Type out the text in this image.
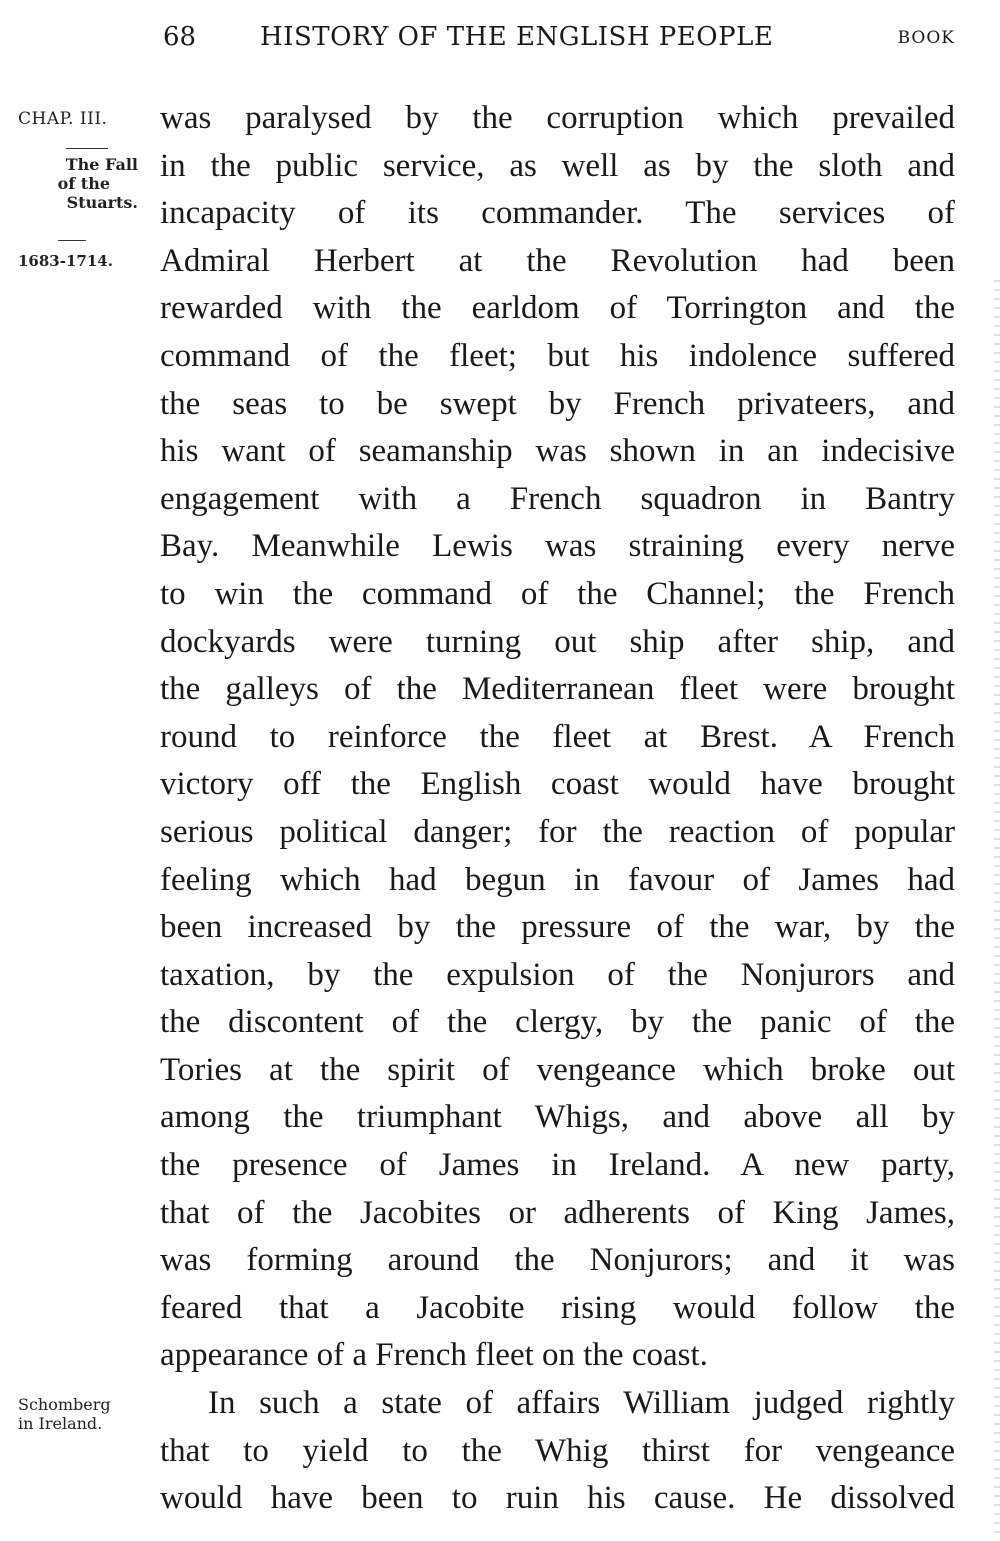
68 HISTORY OF THE ENGLISH PEOPLE	BOOK
CHAP. III.
The Fall
of the
Stuarts.
1683-1714.
Schomberg
in Ireland.
was paralysed by the corruption which prevailed
in the public service, as well as by the sloth and
incapacity of its commander. The services of
Admiral Herbert at the Revolution had been
rewarded with the earldom of Torrington and the
command of the fleet; but his indolence suffered
the seas to be swept by French privateers, and
his want of seamanship was shown in an indecisive
engagement with a French squadron in Bantry
Bay. Meanwhile Lewis was straining every nerve
to win the command of the Channel; the French
dockyards were turning out ship after ship, and
the galleys of the Mediterranean fleet were brought
round to reinforce the fleet at Brest. A French
victory off the English coast would have brought
serious political danger; for the reaction of popular
feeling which had begun in favour of James had
been increased by the pressure of the war, by the
taxation, by the expulsion of the Nonjurors and
the discontent of the clergy, by the panic of the
Tories at the spirit of vengeance which broke out
among the triumphant Whigs, and above all by
the presence of James in Ireland. A new party,
that of the Jacobites or adherents of King James,
was forming around the Nonjurors; and it was
feared that a Jacobite rising would follow the
appearance of a French fleet on the coast.
In such a state of affairs William judged rightly
that to yield to the Whig thirst for vengeance
would have been to ruin his cause. He dissolved
